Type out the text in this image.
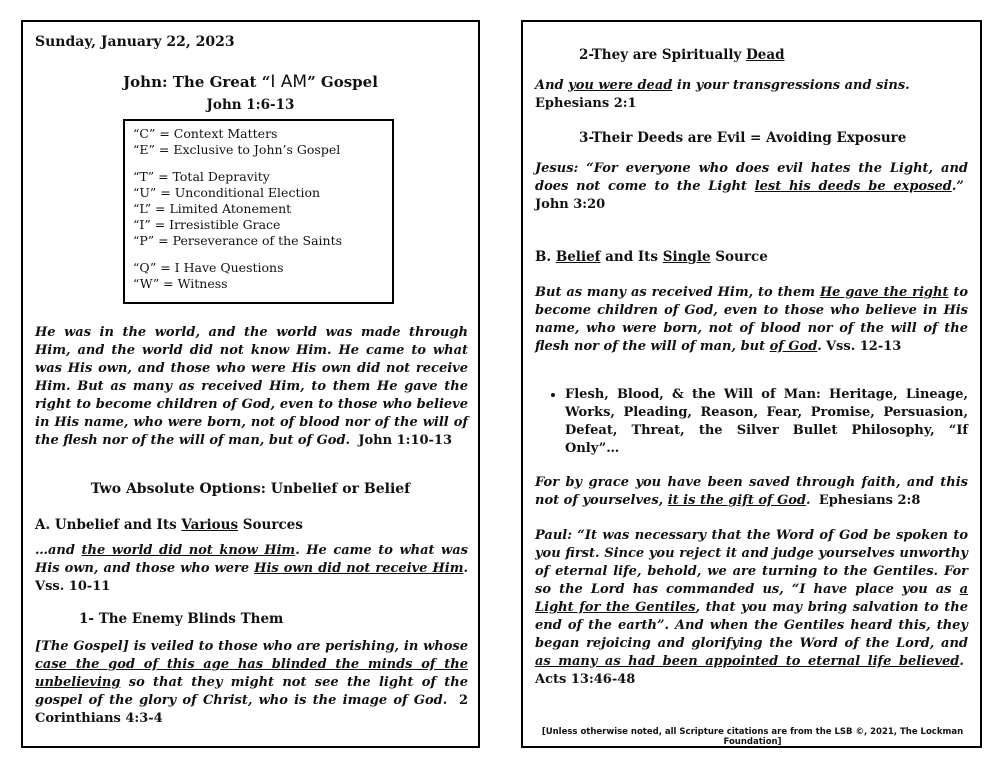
Sunday, January 22, 2023
John: The Great “I AM” Gospel
John 1:6-13
“C” = Context Matters
“E” = Exclusive to John’s Gospel
“T” = Total Depravity
“U” = Unconditional Election
“L” = Limited Atonement
“I” = Irresistible Grace
“P” = Perseverance of the Saints
“Q” = I Have Questions
“W” = Witness
He was in the world, and the world was made through Him, and the world did not know Him. He came to what was His own, and those who were His own did not receive Him. But as many as received Him, to them He gave the right to become children of God, even to those who believe in His name, who were born, not of blood nor of the will of the flesh nor of the will of man, but of God. John 1:10-13
Two Absolute Options: Unbelief or Belief
A. Unbelief and Its Various Sources
…and the world did not know Him. He came to what was His own, and those who were His own did not receive Him. Vss. 10-11
1- The Enemy Blinds Them
[The Gospel] is veiled to those who are perishing, in whose case the god of this age has blinded the minds of the unbelieving so that they might not see the light of the gospel of the glory of Christ, who is the image of God. 2 Corinthians 4:3-4
2-They are Spiritually Dead
And you were dead in your transgressions and sins.
Ephesians 2:1
3-Their Deeds are Evil = Avoiding Exposure
Jesus: “For everyone who does evil hates the Light, and does not come to the Light lest his deeds be exposed.”  John 3:20
B. Belief and Its Single Source
But as many as received Him, to them He gave the right to become children of God, even to those who believe in His name, who were born, not of blood nor of the will of the flesh nor of the will of man, but of God. Vss. 12-13
• Flesh, Blood, & the Will of Man: Heritage, Lineage, Works, Pleading, Reason, Fear, Promise, Persuasion, Defeat, Threat, the Silver Bullet Philosophy, “If Only”…
For by grace you have been saved through faith, and this not of yourselves, it is the gift of God. Ephesians 2:8
Paul: “It was necessary that the Word of God be spoken to you first. Since you reject it and judge yourselves unworthy of eternal life, behold, we are turning to the Gentiles. For so the Lord has commanded us, “I have place you as a Light for the Gentiles, that you may bring salvation to the end of the earth”. And when the Gentiles heard this, they began rejoicing and glorifying the Word of the Lord, and as many as had been appointed to eternal life believed.  Acts 13:46-48
[Unless otherwise noted, all Scripture citations are from the LSB ©, 2021, The Lockman Foundation]
